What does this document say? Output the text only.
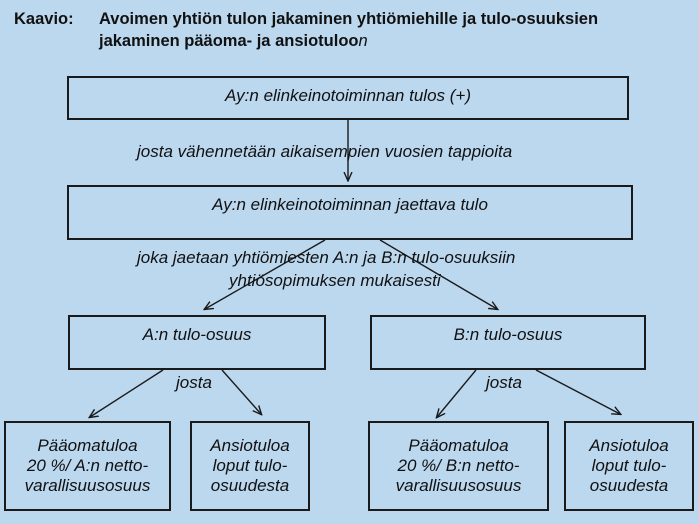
Kaavio: Avoimen yhtiön tulon jakaminen yhtiömiehille ja tulo-osuuksien
jakaminen pääoma- ja ansiotuloon
Ay:n elinkeinotoiminnan tulos (+)
josta vähennetään aikaisempien vuosien tappioita
Ay:n elinkeinotoiminnan jaettava tulo
joka jaetaan yhtiömiesten A:n ja B:n tulo-osuuksiin
yhtiösopimuksen mukaisesti
A:n tulo-osuus	B:n tulo-osuus
josta	josta
Pääomatuloa
20 %/ A:n netto-
varallisuusosuus
Ansiotuloa
loput tulo-
osuudesta
Pääomatuloa
20 %/ B:n netto-
varallisuusosuus
Ansiotuloa
loput tulo-
osuudesta
